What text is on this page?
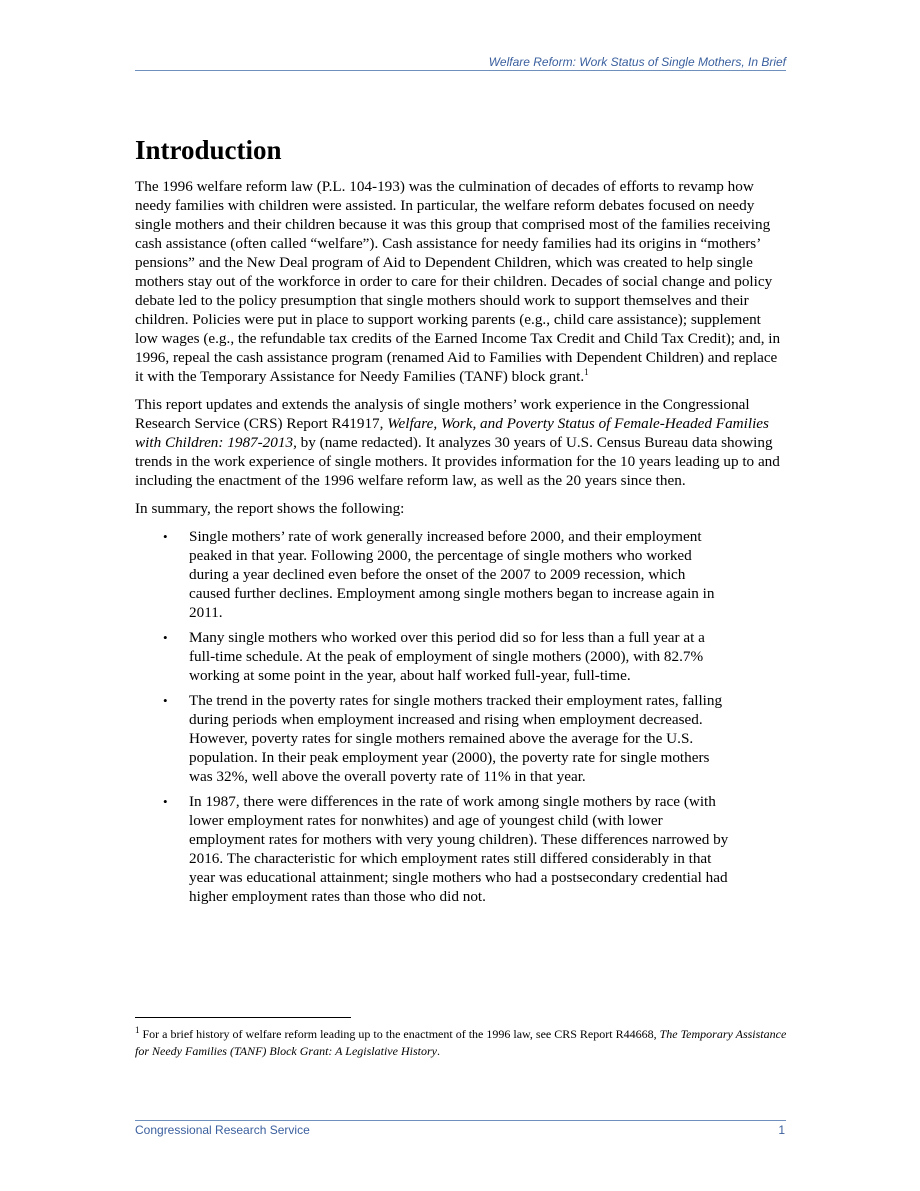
Welfare Reform: Work Status of Single Mothers, In Brief
Introduction

The 1996 welfare reform law (P.L. 104-193) was the culmination of decades of efforts to revamp how needy families with children were assisted. In particular, the welfare reform debates focused on needy single mothers and their children because it was this group that comprised most of the families receiving cash assistance (often called “welfare”). Cash assistance for needy families had its origins in “mothers’ pensions” and the New Deal program of Aid to Dependent Children, which was created to help single mothers stay out of the workforce in order to care for their children. Decades of social change and policy debate led to the policy presumption that single mothers should work to support themselves and their children. Policies were put in place to support working parents (e.g., child care assistance); supplement low wages (e.g., the refundable tax credits of the Earned Income Tax Credit and Child Tax Credit); and, in 1996, repeal the cash assistance program (renamed Aid to Families with Dependent Children) and replace it with the Temporary Assistance for Needy Families (TANF) block grant.$^1$

This report updates and extends the analysis of single mothers’ work experience in the Congressional Research Service (CRS) Report R41917, Welfare, Work, and Poverty Status of Female-Headed Families with Children: 1987-2013, by (name redacted). It analyzes 30 years of U.S. Census Bureau data showing trends in the work experience of single mothers. It provides information for the 10 years leading up to and including the enactment of the 1996 welfare reform law, as well as the 20 years since then.

In summary, the report shows the following:

• Single mothers’ rate of work generally increased before 2000, and their employment peaked in that year. Following 2000, the percentage of single mothers who worked during a year declined even before the onset of the 2007 to 2009 recession, which caused further declines. Employment among single mothers began to increase again in 2011.
• Many single mothers who worked over this period did so for less than a full year at a full-time schedule. At the peak of employment of single mothers (2000), with 82.7% working at some point in the year, about half worked full-year, full-time.
• The trend in the poverty rates for single mothers tracked their employment rates, falling during periods when employment increased and rising when employment decreased. However, poverty rates for single mothers remained above the average for the U.S. population. In their peak employment year (2000), the poverty rate for single mothers was 32%, well above the overall poverty rate of 11% in that year.
• In 1987, there were differences in the rate of work among single mothers by race (with lower employment rates for nonwhites) and age of youngest child (with lower employment rates for mothers with very young children). These differences narrowed by 2016. The characteristic for which employment rates still differed considerably in that year was educational attainment; single mothers who had a postsecondary credential had higher employment rates than those who did not.
$^1$ For a brief history of welfare reform leading up to the enactment of the 1996 law, see CRS Report R44668, The Temporary Assistance for Needy Families (TANF) Block Grant: A Legislative History.
Congressional Research Service	1
